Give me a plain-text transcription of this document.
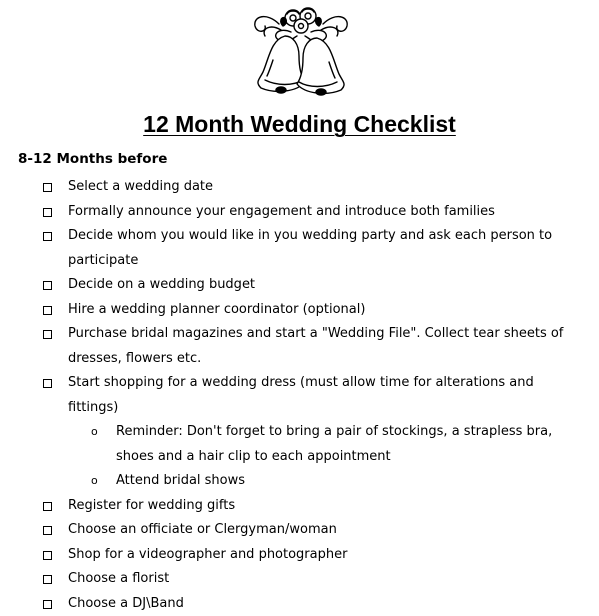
12 Month Wedding Checklist
8-12 Months before
Select a wedding date
Formally announce your engagement and introduce both families
Decide whom you would like in you wedding party and ask each person to participate
Decide on a wedding budget
Hire a wedding planner coordinator (optional)
Purchase bridal magazines and start a "Wedding File". Collect tear sheets of dresses, flowers etc.
Start shopping for a wedding dress (must allow time for alterations and fittings)
o Reminder: Don't forget to bring a pair of stockings, a strapless bra, shoes and a hair clip to each appointment
o Attend bridal shows
Register for wedding gifts
Choose an officiate or Clergyman/woman
Shop for a videographer and photographer
Choose a florist
Choose a DJ\Band
